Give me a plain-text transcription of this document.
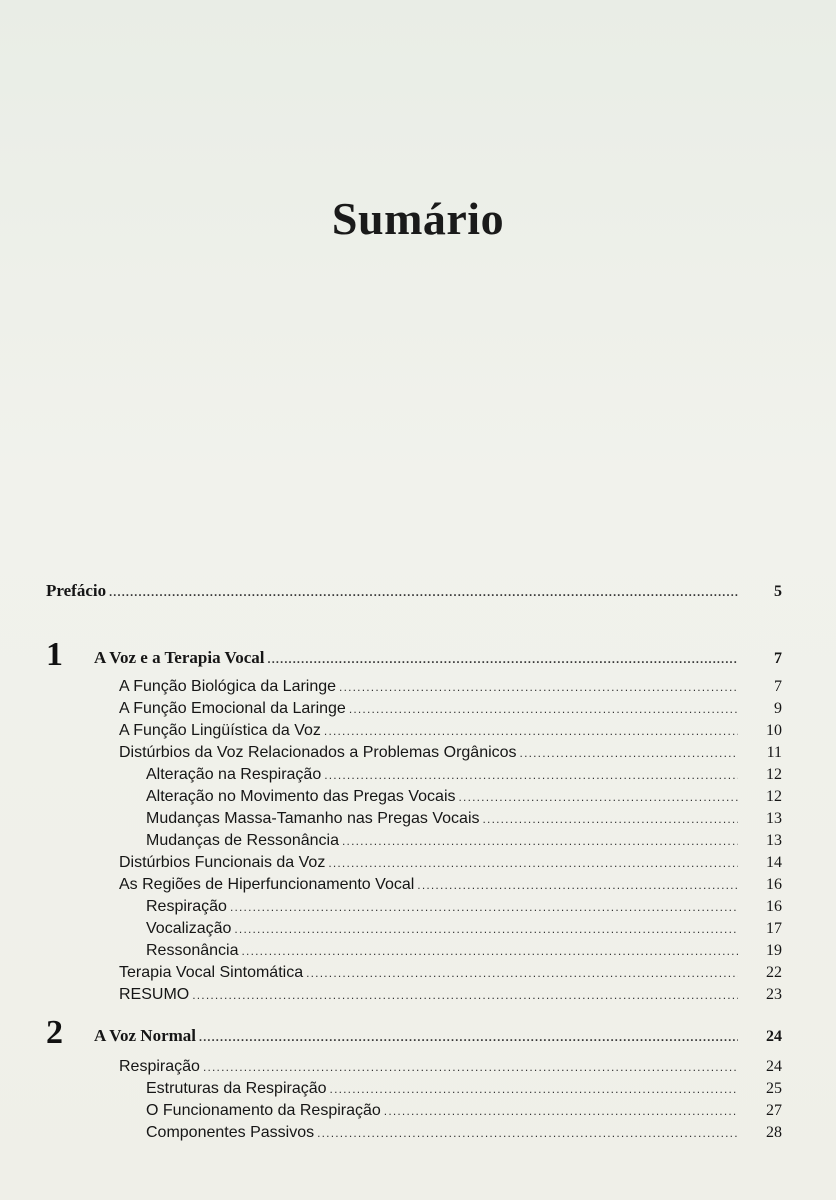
Sumário
Prefácio .....	5
1 A Voz e a Terapia Vocal .....	7
A Função Biológica da Laringe .....	7
A Função Emocional da Laringe .....	9
A Função Lingüística da Voz .....	10
Distúrbios da Voz Relacionados a Problemas Orgânicos .....	11
Alteração na Respiração .....	12
Alteração no Movimento das Pregas Vocais .....	12
Mudanças Massa-Tamanho nas Pregas Vocais .....	13
Mudanças de Ressonância .....	13
Distúrbios Funcionais da Voz .....	14
As Regiões de Hiperfuncionamento Vocal .....	16
Respiração .....	16
Vocalização .....	17
Ressonância .....	19
Terapia Vocal Sintomática .....	22
RESUMO .....	23
2 A Voz Normal .....	24
Respiração .....	24
Estruturas da Respiração .....	25
O Funcionamento da Respiração .....	27
Componentes Passivos .....	28
